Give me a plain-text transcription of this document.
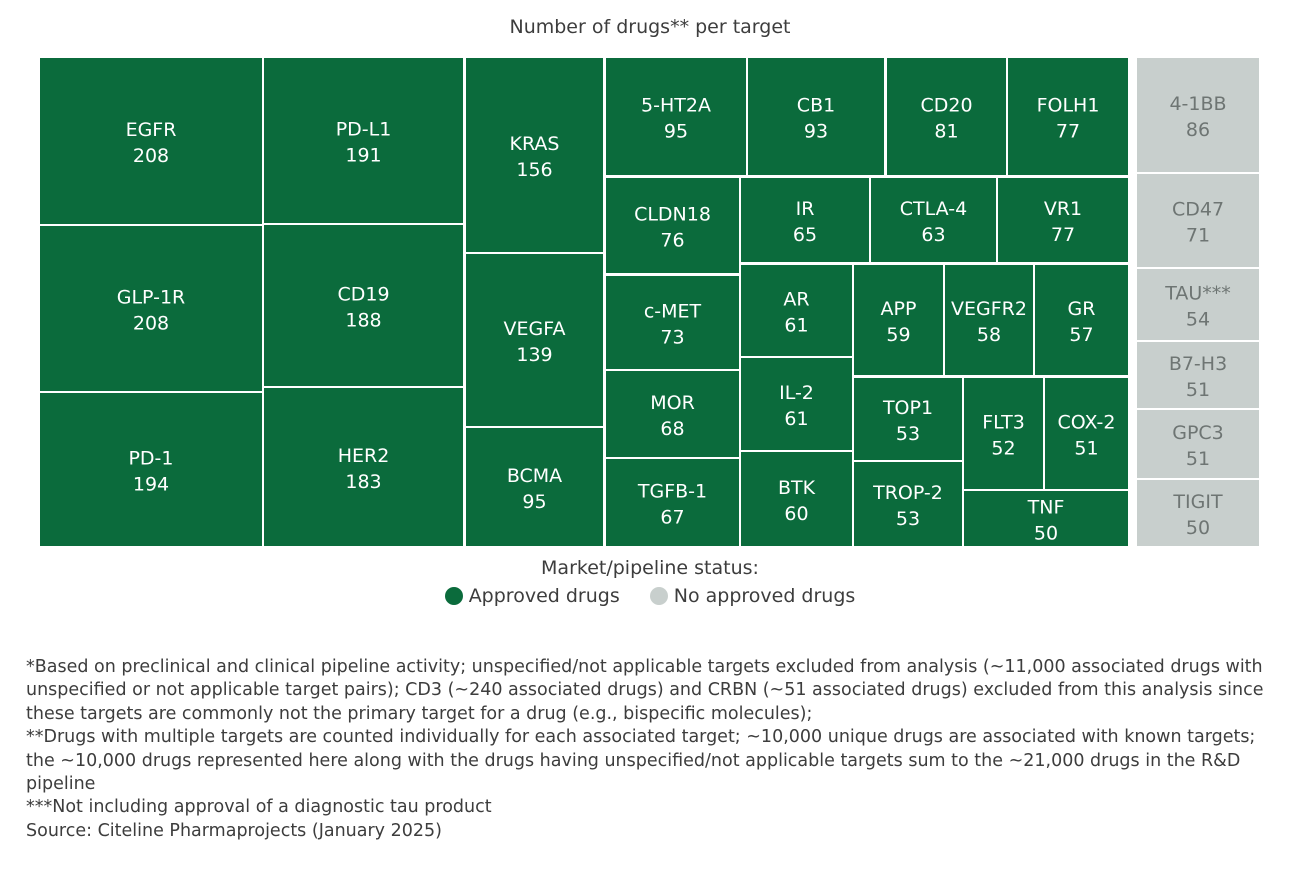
Number of drugs** per target
EGFR
208
GLP-1R
208
PD-1
194
PD-L1
191
CD19
188
HER2
183
KRAS
156
VEGFA
139
BCMA
95
5-HT2A
95
CB1
93
CD20
81
FOLH1
77
CLDN18
76
IR
65
CTLA-4
63
VR1
77
c-MET
73
AR
61
APP
59
VEGFR2
58
GR
57
MOR
68
IL-2
61	TOP1
53
FLT3
52
COX-2
51
TGFB-1
67
BTK
60
TROP-2
53
TNF
50
4-1BB
86
CD47
71
TAU***
54
B7-H3
51
GPC3
51
TIGIT
50
Market/pipeline status:
Approved drugs	No approved drugs
*Based on preclinical and clinical pipeline activity; unspecified/not applicable targets excluded from analysis (~11,000 associated drugs with unspecified or not applicable target pairs); CD3 (~240 associated drugs) and CRBN (~51 associated drugs) excluded from this analysis since these targets are commonly not the primary target for a drug (e.g., bispecific molecules);
**Drugs with multiple targets are counted individually for each associated target; ~10,000 unique drugs are associated with known targets; the ~10,000 drugs represented here along with the drugs having unspecified/not applicable targets sum to the ~21,000 drugs in the R&D pipeline
***Not including approval of a diagnostic tau product
Source: Citeline Pharmaprojects (January 2025)
